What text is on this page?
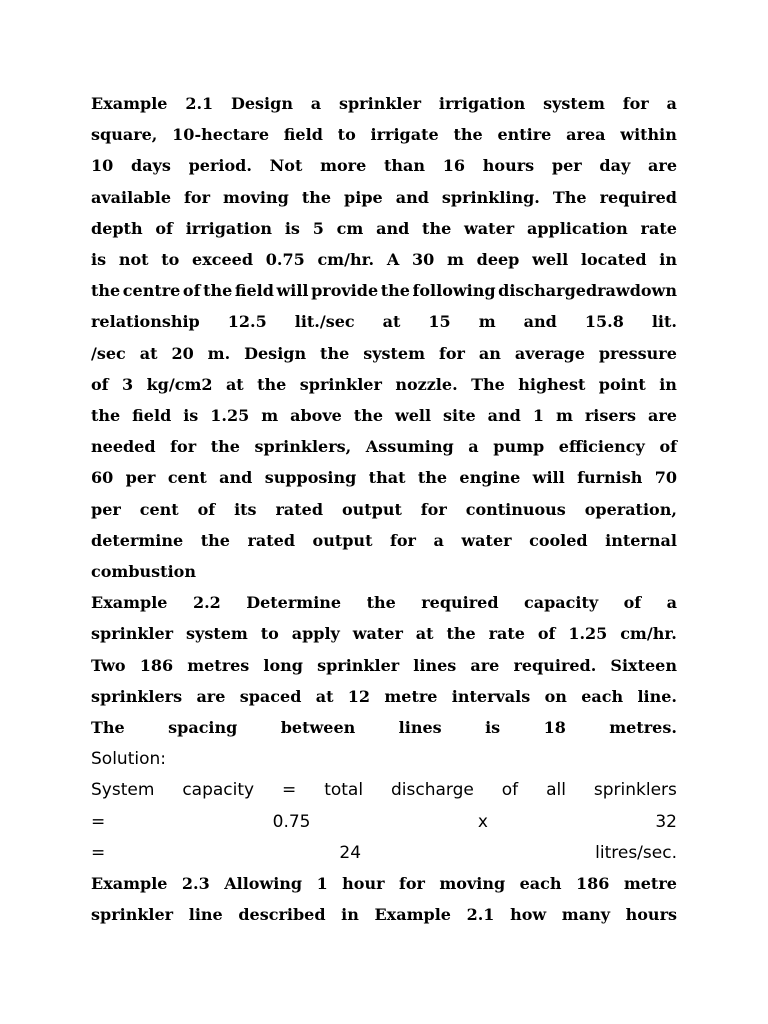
Example 2.1 Design a sprinkler irrigation system for a
square, 10-hectare field to irrigate the entire area within
10 days period. Not more than 16 hours per day are
available for moving the pipe and sprinkling. The required
depth of irrigation is 5 cm and the water application rate
is not to exceed 0.75 cm/hr. A 30 m deep well located in
the centre of the field will provide the following dischargedrawdown
relationship 12.5 lit./sec at 15 m and 15.8 lit.
/sec at 20 m. Design the system for an average pressure
of 3 kg/cm2 at the sprinkler nozzle. The highest point in
the field is 1.25 m above the well site and 1 m risers are
needed for the sprinklers, Assuming a pump efficiency of
60 per cent and supposing that the engine will furnish 70
per cent of its rated output for continuous operation,
determine the rated output for a water cooled internal
combustion
Example 2.2 Determine the required capacity of a
sprinkler system to apply water at the rate of 1.25 cm/hr.
Two 186 metres long sprinkler lines are required. Sixteen
sprinklers are spaced at 12 metre intervals on each line.
The	spacing	between	lines	is	18	metres.
Solution:
System capacity = total discharge of all sprinklers
=	0.75	x	32
=	24	litres/sec.
Example 2.3 Allowing 1 hour for moving each 186 metre
sprinkler line described in Example 2.1 how many hours
